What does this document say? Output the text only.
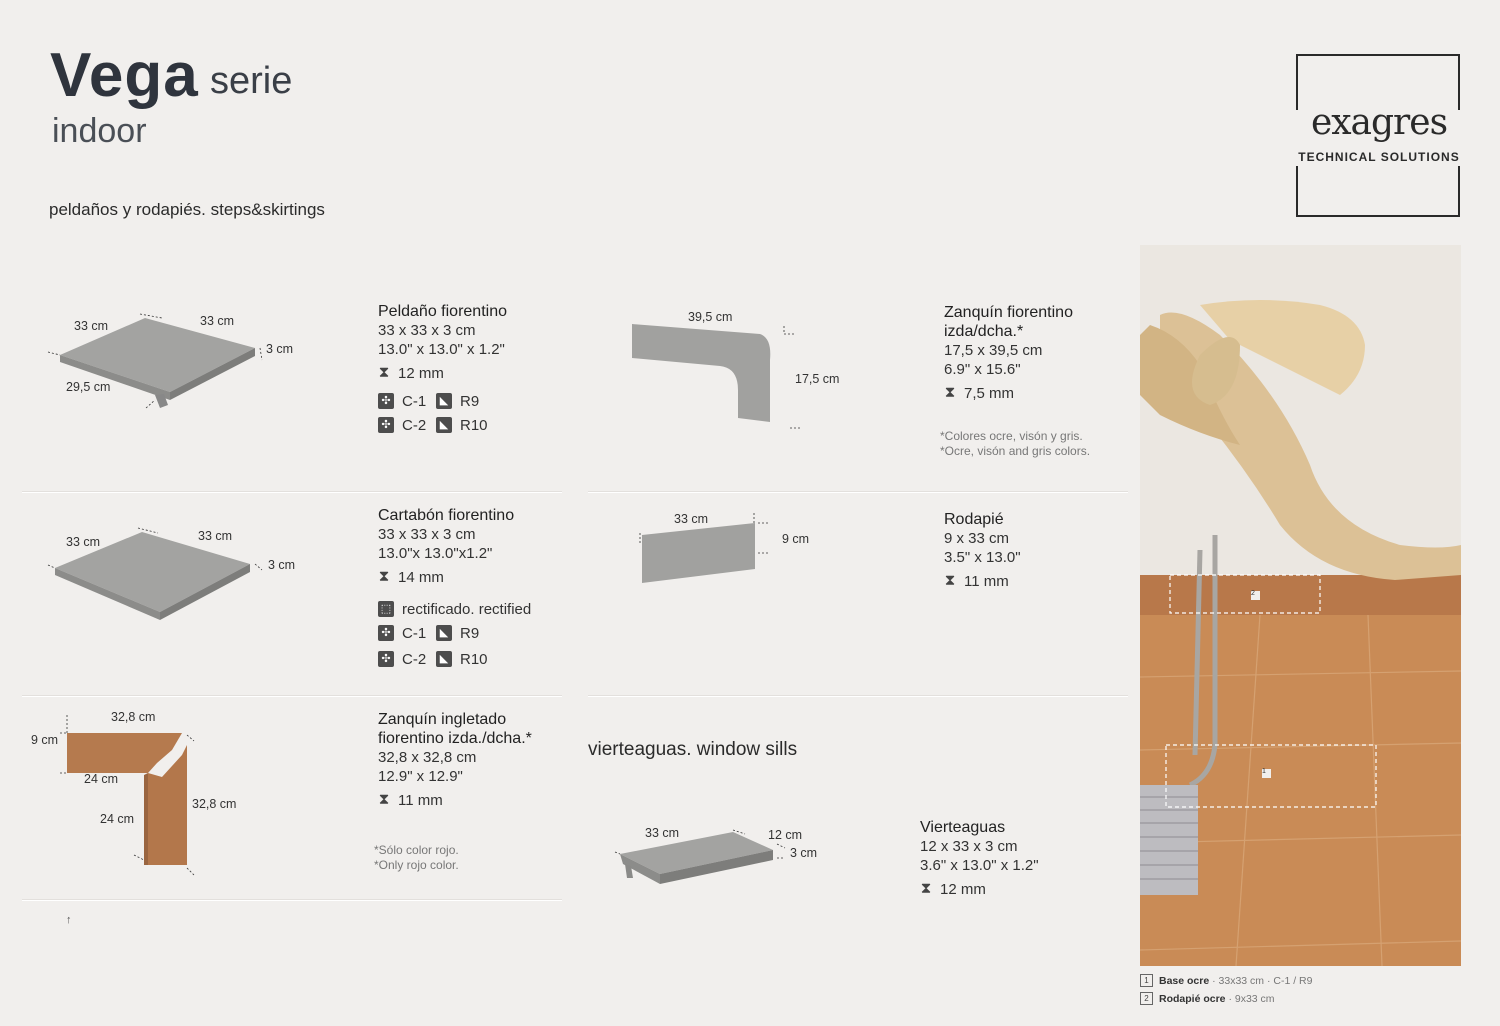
Vega serie
indoor
peldaños y rodapiés. steps&skirtings
exagres
TECHNICAL SOLUTIONS
33 cm	33 cm
3 cm
29,5 cm
Peldaño fiorentino
33 x 33 x 3 cm
13.0" x 13.0" x 1.2"
⧗ 12 mm
✣ C-1	◣ R9
✣ C-2	◣ R10
33 cm	33 cm
3 cm
Cartabón fiorentino
33 x 33 x 3 cm
13.0"x 13.0"x1.2"
⧗ 14 mm
⬚ rectificado. rectified
✣ C-1	◣ R9
✣ C-2	◣ R10
32,8 cm
9 cm
24 cm
32,8 cm
24 cm
Zanquín ingletado
fiorentino izda./dcha.*
32,8 x 32,8 cm
12.9" x 12.9"
⧗ 11 mm
*Sólo color rojo.
*Only rojo color.
↑
39,5 cm
17,5 cm
Zanquín fiorentino
izda/dcha.*
17,5 x 39,5 cm
6.9" x 15.6"
⧗ 7,5 mm
*Colores ocre, visón y gris.
*Ocre, visón and gris colors.
33 cm
9 cm
Rodapié
9 x 33 cm
3.5" x 13.0"
⧗ 11 mm
vierteaguas. window sills
33 cm	12 cm
3 cm
Vierteaguas
12 x 33 x 3 cm
3.6" x 13.0" x 1.2"
⧗ 12 mm
2
1
1 Base ocre · 33x33 cm · C-1 / R9
2 Rodapié ocre · 9x33 cm
